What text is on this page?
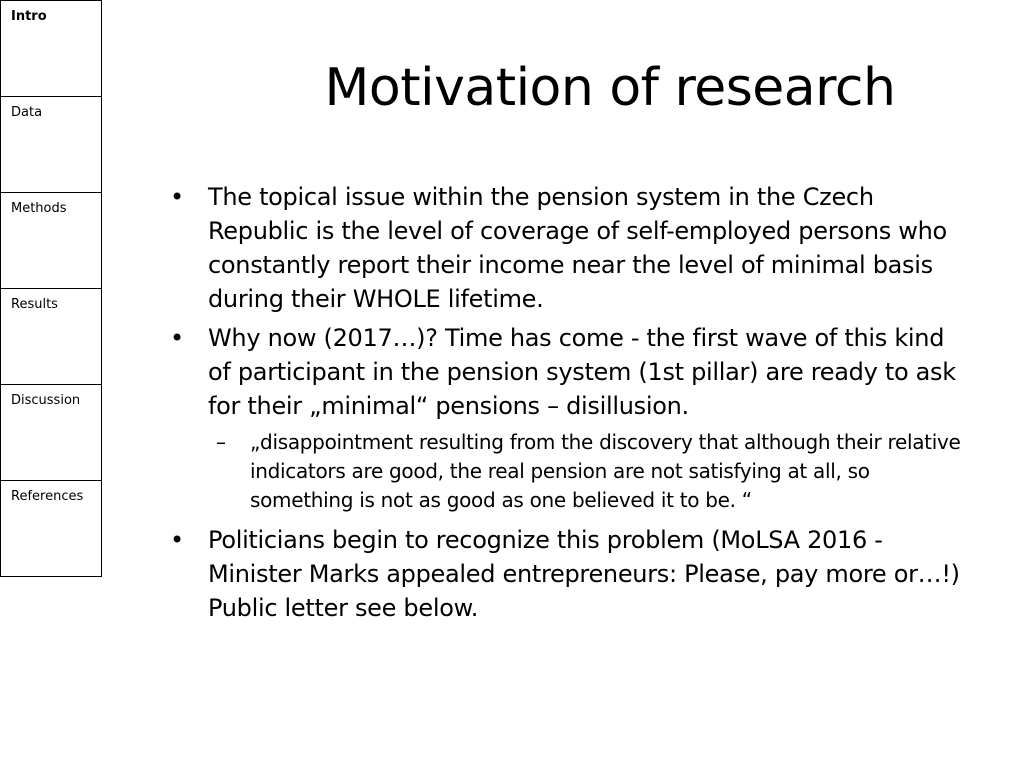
Intro
Data
Methods
Results
Discussion
References
Motivation of research
• The topical issue within the pension system in the Czech Republic is the level of coverage of self-employed persons who constantly report their income near the level of minimal basis during their WHOLE lifetime.
• Why now (2017…)? Time has come - the first wave of this kind of participant in the pension system (1st pillar) are ready to ask for their „minimal“ pensions – disillusion.
–	„disappointment resulting from the discovery that although their relative indicators are good, the real pension are not satisfying at all, so something is not as good as one believed it to be. “
• Politicians begin to recognize this problem (MoLSA 2016 - Minister Marks appealed entrepreneurs: Please, pay more or…!) Public letter see below.
